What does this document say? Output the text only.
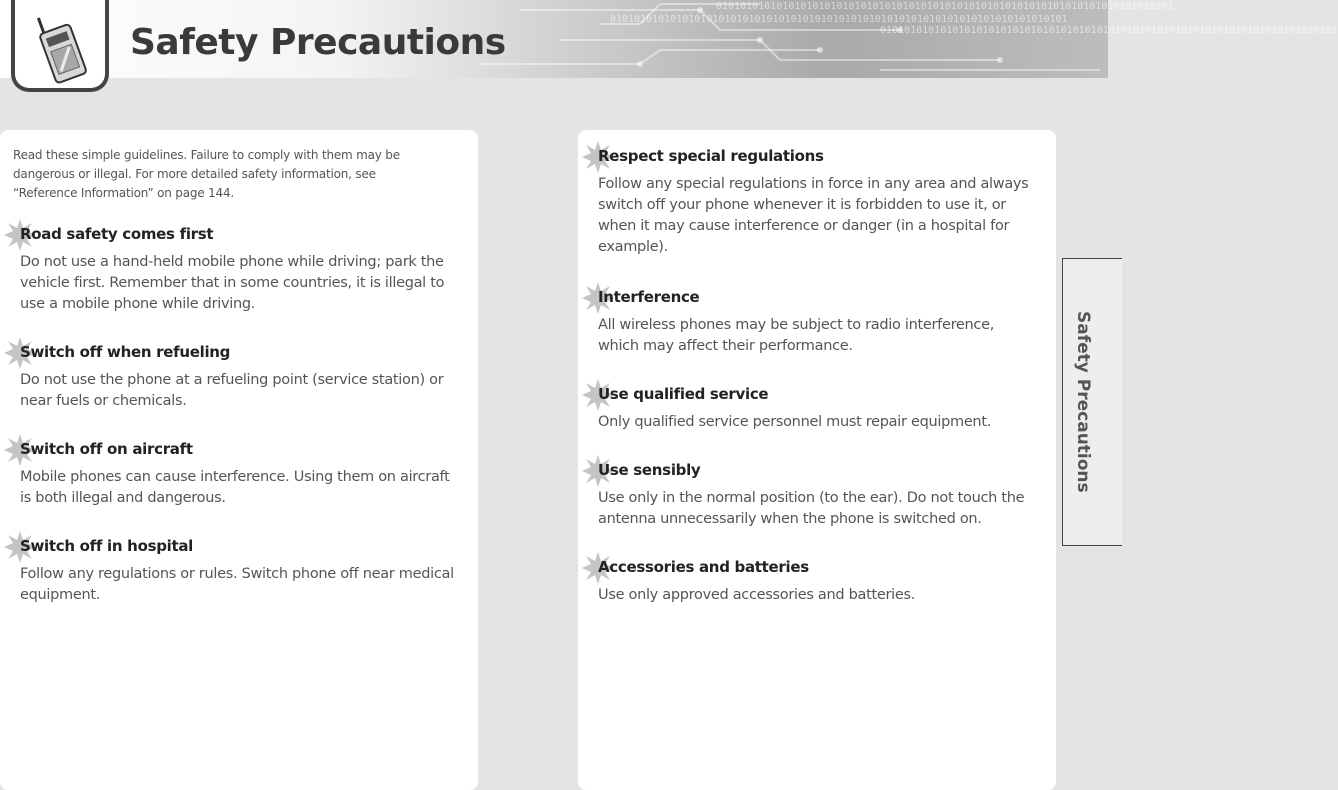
0101010101010101010101010101010101010101010101010101010101010101010101010101
0101010101010101010101010101010101010101010101010101010101010101010101010101
0101010101010101010101010101010101010101010101010101010101010101010101010101
Safety Precautions

Read these simple guidelines. Failure to comply with them may be dangerous or illegal. For more detailed safety information, see “Reference Information” on page 144.

Road safety comes first

Do not use a hand-held mobile phone while driving; park the vehicle first. Remember that in some countries, it is illegal to use a mobile phone while driving.

Switch off when refueling

Do not use the phone at a refueling point (service station) or near fuels or chemicals.

Switch off on aircraft

Mobile phones can cause interference. Using them on aircraft is both illegal and dangerous.

Switch off in hospital

Follow any regulations or rules. Switch phone off near medical equipment.

Respect special regulations

Follow any special regulations in force in any area and always switch off your phone whenever it is forbidden to use it, or when it may cause interference or danger (in a hospital for example).

Interference

All wireless phones may be subject to radio interference, which may affect their performance.

Use qualified service

Only qualified service personnel must repair equipment.

Use sensibly

Use only in the normal position (to the ear). Do not touch the antenna unnecessarily when the phone is switched on.

Accessories and batteries

Use only approved accessories and batteries.

Safety Precautions
